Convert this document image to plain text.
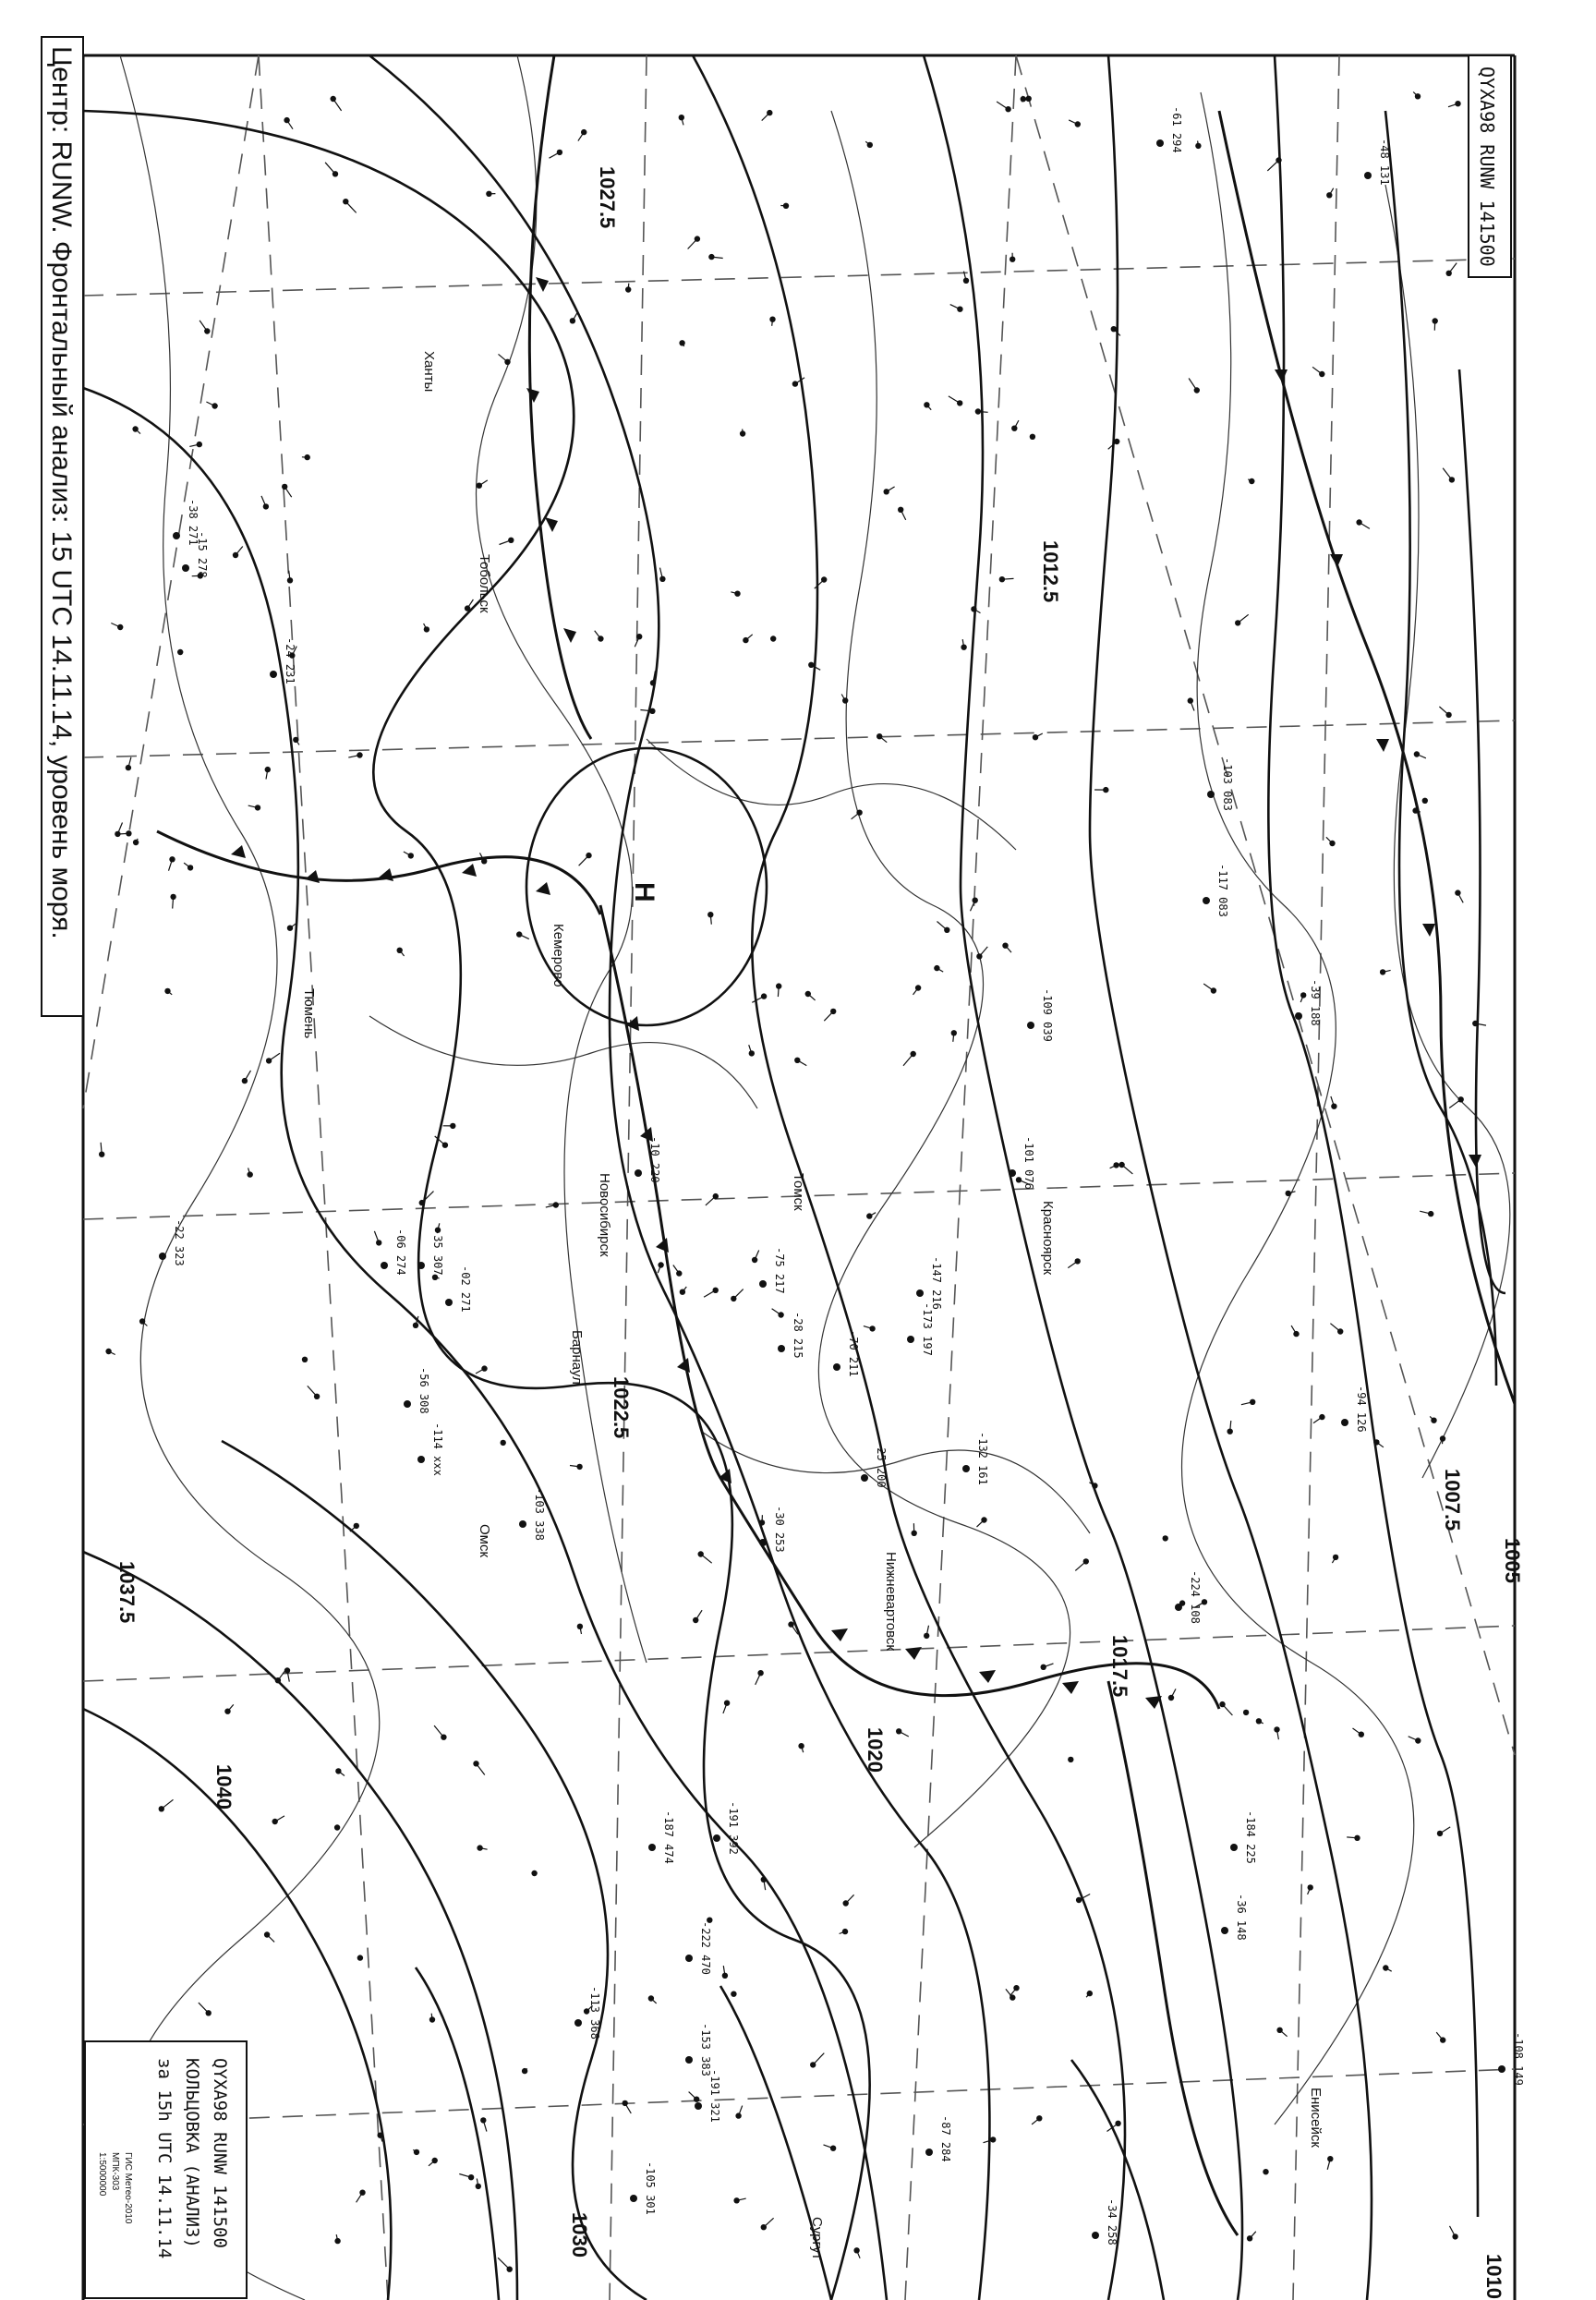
1007.5
1010
1012.5
1017.5
1020
1022.5
1027.5
1030
1037.5
1040
1005
Н
Сургут
Омск
Новосибирск	Томск
Красноярск
Барнаул
Кемерово
Ханты
Нижневартовск
Енисейск
Тюмень
Тобольск
-15 278
-38 271
-24 231
-61 294
-48 131
-103 083
-117 083
-184 225
-109 039
-224 108
-191 321
-105 301
-87 284
-34 258
-39 188
-101 076
-132 161
-173 197
-147 216
-70 211
-25 200
-94 126
-36 148
-30 253
-108 149
-75 217
-28 215
-10 220
-02 271
-06 274 -35 307
-56 308
-114 ххх
-22 323
-103 338
-191 392
-187 474
-222 470
-113 368
-153 383
Центр: RUNW. Фронтальный анализ: 15 UTC 14.11.14, уровень моря.	QYXA98 RUNW 141500
QYXA98 RUNW 141500
КОЛЬЦОВКА (АНАЛИЗ)
за 15h UTC 14.11.14
ГИС Метео-2010
МПК-303
1:5000000
